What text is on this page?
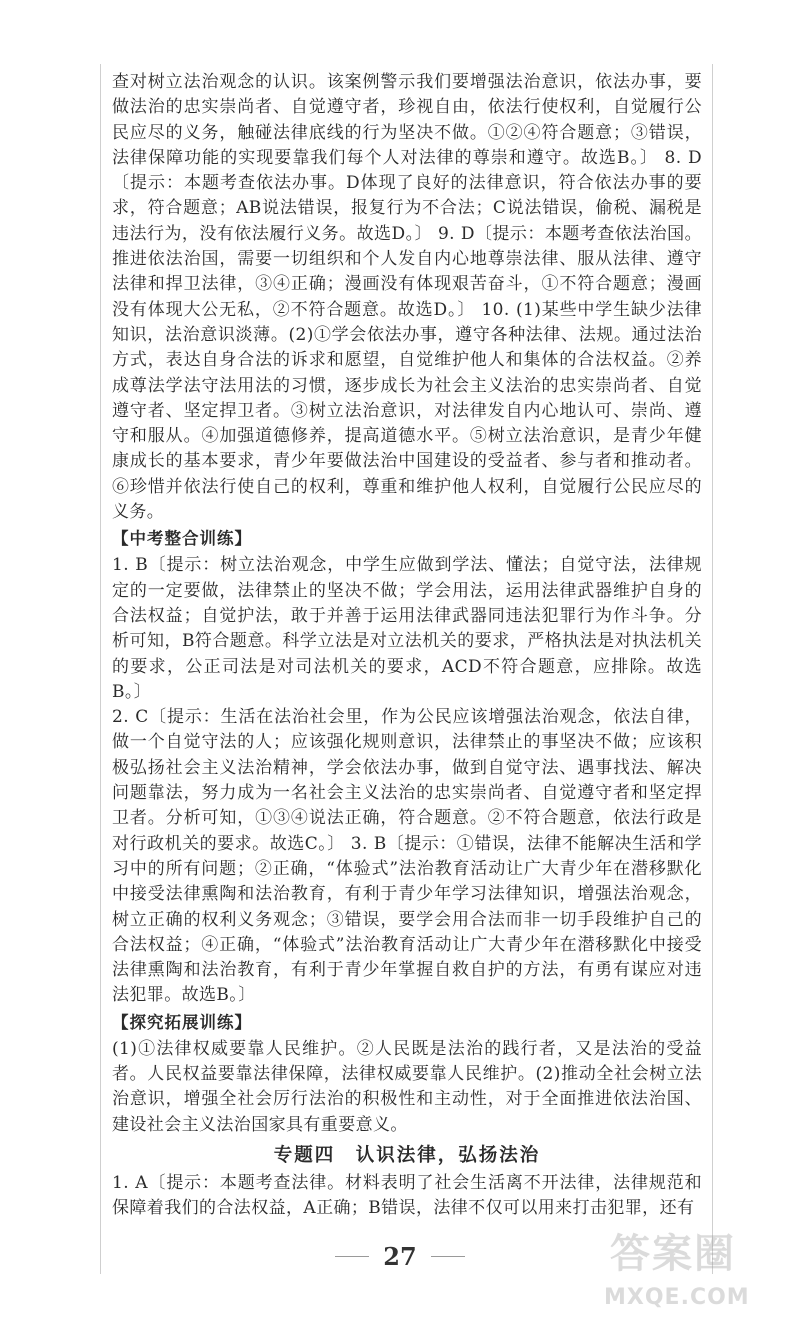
查对树立法治观念的认识。该案例警示我们要增强法治意识，依法办事，要做法治的忠实崇尚者、自觉遵守者，珍视自由，依法行使权利，自觉履行公民应尽的义务，触碰法律底线的行为坚决不做。①②④符合题意；③错误，法律保障功能的实现要靠我们每个人对法律的尊崇和遵守。故选B。〕 8. D〔提示：本题考查依法办事。D体现了良好的法律意识，符合依法办事的要求，符合题意；AB说法错误，报复行为不合法；C说法错误，偷税、漏税是违法行为，没有依法履行义务。故选D。〕 9. D〔提示：本题考查依法治国。推进依法治国，需要一切组织和个人发自内心地尊崇法律、服从法律、遵守法律和捍卫法律，③④正确；漫画没有体现艰苦奋斗，①不符合题意；漫画没有体现大公无私，②不符合题意。故选D。〕 10. (1)某些中学生缺少法律知识，法治意识淡薄。(2)①学会依法办事，遵守各种法律、法规。通过法治方式，表达自身合法的诉求和愿望，自觉维护他人和集体的合法权益。②养成尊法学法守法用法的习惯，逐步成长为社会主义法治的忠实崇尚者、自觉遵守者、坚定捍卫者。③树立法治意识，对法律发自内心地认可、崇尚、遵守和服从。④加强道德修养，提高道德水平。⑤树立法治意识，是青少年健康成长的基本要求，青少年要做法治中国建设的受益者、参与者和推动者。⑥珍惜并依法行使自己的权利，尊重和维护他人权利，自觉履行公民应尽的义务。

【中考整合训练】

1. B〔提示：树立法治观念，中学生应做到学法、懂法；自觉守法，法律规定的一定要做，法律禁止的坚决不做；学会用法，运用法律武器维护自身的合法权益；自觉护法，敢于并善于运用法律武器同违法犯罪行为作斗争。分析可知，B符合题意。科学立法是对立法机关的要求，严格执法是对执法机关的要求，公正司法是对司法机关的要求，ACD不符合题意，应排除。故选B。〕

2. C〔提示：生活在法治社会里，作为公民应该增强法治观念，依法自律，做一个自觉守法的人；应该强化规则意识，法律禁止的事坚决不做；应该积极弘扬社会主义法治精神，学会依法办事，做到自觉守法、遇事找法、解决问题靠法，努力成为一名社会主义法治的忠实崇尚者、自觉遵守者和坚定捍卫者。分析可知，①③④说法正确，符合题意。②不符合题意，依法行政是对行政机关的要求。故选C。〕 3. B〔提示：①错误，法律不能解决生活和学习中的所有问题；②正确，“体验式”法治教育活动让广大青少年在潜移默化中接受法律熏陶和法治教育，有利于青少年学习法律知识，增强法治观念，树立正确的权利义务观念；③错误，要学会用合法而非一切手段维护自己的合法权益；④正确，“体验式”法治教育活动让广大青少年在潜移默化中接受法律熏陶和法治教育，有利于青少年掌握自救自护的方法，有勇有谋应对违法犯罪。故选B。〕

【探究拓展训练】

(1)①法律权威要靠人民维护。②人民既是法治的践行者，又是法治的受益者。人民权益要靠法律保障，法律权威要靠人民维护。(2)推动全社会树立法治意识，增强全社会厉行法治的积极性和主动性，对于全面推进依法治国、建设社会主义法治国家具有重要意义。

专题四　认识法律，弘扬法治

1. A〔提示：本题考查法律。材料表明了社会生活离不开法律，法律规范和保障着我们的合法权益，A正确；B错误，法律不仅可以用来打击犯罪，还有

27	答案圈
MXQE.COM
